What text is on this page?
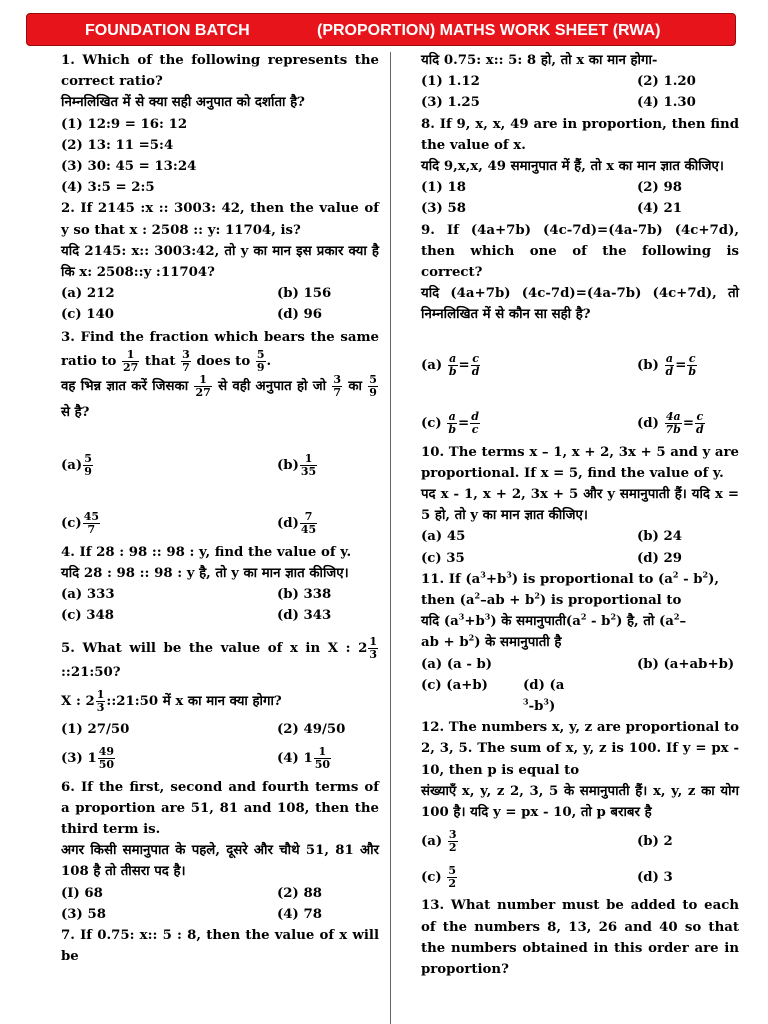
FOUNDATION BATCH	(PROPORTION) MATHS WORK SHEET (RWA)
1. Which of the following represents the correct ratio?
निम्नलिखित में से क्या सही अनुपात को दर्शाता है?
(1) 12:9 = 16: 12
(2) 13: 11 =5:4
(3) 30: 45 = 13:24
(4) 3:5 = 2:5
2. If 2145 :x :: 3003: 42, then the value of y so that x : 2508 :: y: 11704, is?
यदि 2145: x:: 3003:42, तो y का मान इस प्रकार क्या है कि x: 2508::y :11704?
(a) 212	(b) 156
(c) 140	(d) 96
3. Find the fraction which bears the same ratio to $\frac{1}{27}$ that $\frac{3}{7}$ does to $\frac{5}{9}$ .
वह भिन्न ज्ञात करें जिसका $\frac{1}{27}$ से वही अनुपात हो जो $\frac{3}{7}$ का $\frac{5}{9}$
से है?
$(a) \frac{5}{9}$	$(b) \frac{1}{35}$
$(c) \frac{45}{7}$	$(d) \frac{7}{45}$
4. If 28 : 98 :: 98 : y, find the value of y.
यदि 28 : 98 :: 98 : y है, तो y का मान ज्ञात कीजिए।
(a) 333	(b) 338
(c) 348	(d) 343
5. What will be the value of x in X : $2 \frac{1}{3}$
::21:50?
X : $2 \frac{1}{3}$ ::21:50 में x का मान क्या होगा?
(1) 27/50	(2) 49/50
(3) $1 \frac{49}{50}$	(4) $1 \frac{1}{50}$
6. If the first, second and fourth terms of a proportion are 51, 81 and 108, then the third term is.
अगर किसी समानुपात के पहले, दूसरे और चौथे 51, 81 और 108 है तो तीसरा पद है।
(I) 68	(2) 88
(3) 58	(4) 78
7. If 0.75: x:: 5 : 8, then the value of x will be
यदि 0.75: x:: 5: 8 हो, तो x का मान होगा-
(1) 1.12	(2) 1.20
(3) 1.25	(4) 1.30
8. If 9, x, x, 49 are in proportion, then find the value of x.
यदि 9,x,x, 49 समानुपात में हैं, तो x का मान ज्ञात कीजिए।
(1) 18	(2) 98
(3) 58	(4) 21
9. If (4a+7b) (4c-7d)=(4a-7b) (4c+7d), then which one of the following is correct?
यदि (4a+7b) (4c-7d)=(4a-7b) (4c+7d), तो निम्नलिखित में से कौन सा सही है?
(a)
$\frac{a}{b} = \frac{c}{d}$	(b)
$\frac{a}{d} = \frac{c}{b}$
(c)
$\frac{a}{b} = \frac{d}{c}$	(d)
$\frac{4a}{7b} = \frac{c}{d}$
10. The terms x – 1, x + 2, 3x + 5 and y are proportional. If x = 5, find the value of y.
पद x - 1, x + 2, 3x + 5 और y समानुपाती हैं। यदि x = 5 हो, तो y का मान ज्ञात कीजिए।
(a) 45	(b) 24
(c) 35	(d) 29
11. If $(a^3+b^3)$ is proportional to $(a^2 - b^2)$,
then $(a^2-ab + b^2)$ is proportional to
यदि $(a^3+b^3)$ के $समानुपाती(a^2 - b^2)$ है, तो ($a^2-$
ab + $b^2$) के समानुपाती है
(a) (a - b)	(b) (a+ab+b)
(c) (a+b)	(d) $(a^3-b^3)$
12. The numbers x, y, z are proportional to 2, 3, 5. The sum of x, y, z is 100. If y = px - 10, then p is equal to
संख्याएँ x, y, z 2, 3, 5 के समानुपाती हैं। x, y, z का योग 100 है। यदि y = px - 10, तो p बराबर है
(a)
$\frac{3}{2}$	(b) 2
(c)
$\frac{5}{2}$	(d) 3
13. What number must be added to each of the numbers 8, 13, 26 and 40 so that the numbers obtained in this order are in proportion?
